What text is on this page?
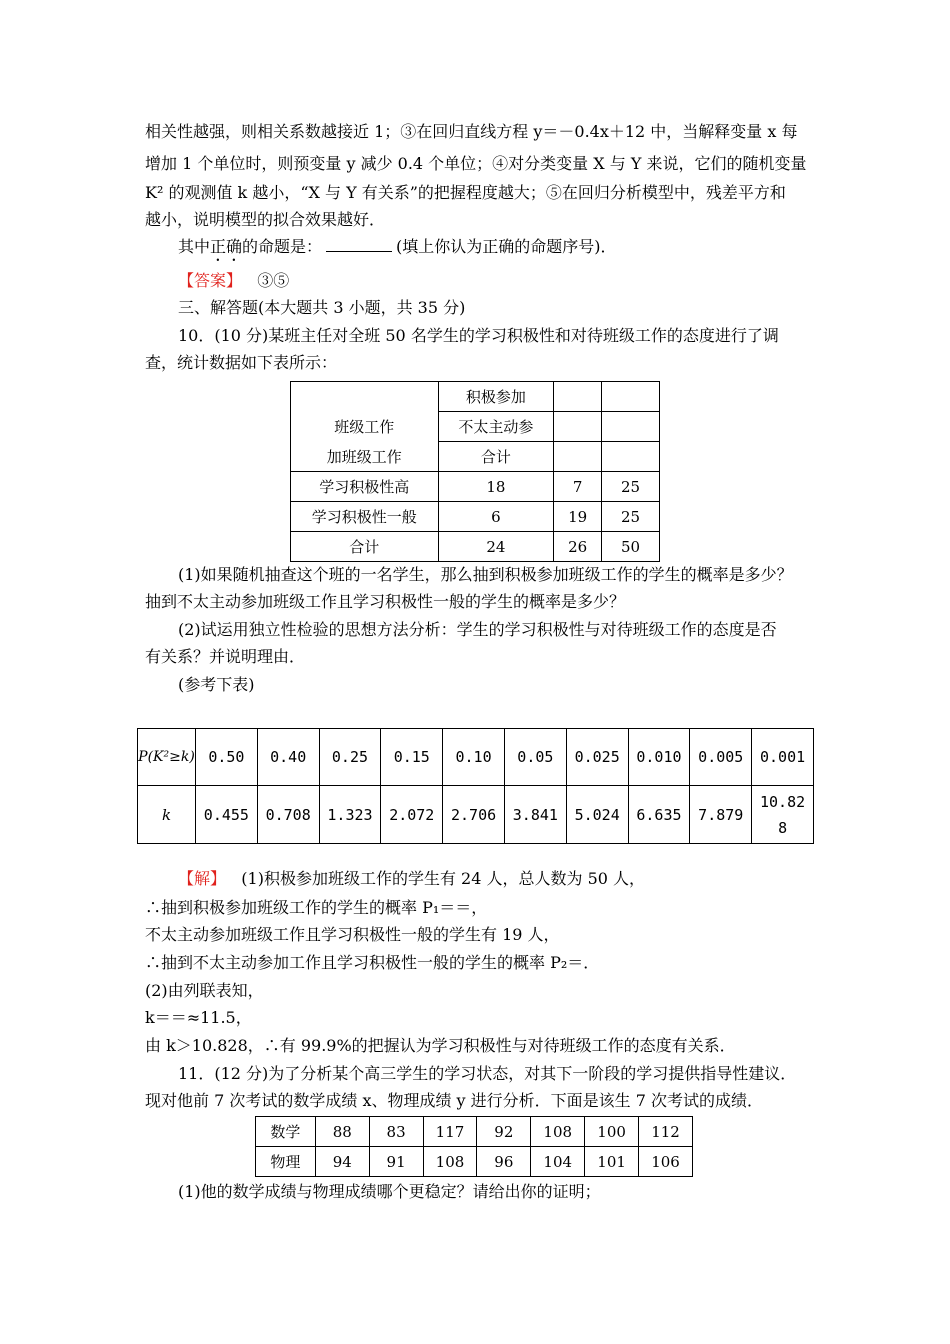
相关性越强，则相关系数越接近 1；③在回归直线方程 y＝－0.4x＋12 中，当解释变量 x 每
增加 1 个单位时，则预变量 y 减少 0.4 个单位；④对分类变量 X 与 Y 来说，它们的随机变量
K² 的观测值 k 越小，“X 与 Y 有关系”的把握程度越大；⑤在回归分析模型中，残差平方和
越小，说明模型的拟合效果越好．
其中正确的命题是：	(填上你认为正确的命题序号)．
【答案】 ③⑤
三、解答题(本大题共 3 小题，共 35 分)
10．(10 分)某班主任对全班 50 名学生的学习积极性和对待班级工作的态度进行了调
查，统计数据如下表所示：
	积极参加		
班级工作	不太主动参		
加班级工作	合计		
学习积极性高	18	7	25
学习积极性一般	6	19	25
合计	24	26	50
(1)如果随机抽查这个班的一名学生，那么抽到积极参加班级工作的学生的概率是多少？
抽到不太主动参加班级工作且学习积极性一般的学生的概率是多少？
(2)试运用独立性检验的思想方法分析：学生的学习积极性与对待班级工作的态度是否
有关系？并说明理由．
(参考下表)
P(K²≥k)	0.50	0.40	0.25	0.15	0.10	0.05	0.025	0.010	0.005	0.001
k	0.455	0.708	1.323	2.072	2.706	3.841	5.024	6.635	7.879	10.828
【解】 (1)积极参加班级工作的学生有 24 人，总人数为 50 人，
∴抽到积极参加班级工作的学生的概率 P₁＝＝，
不太主动参加班级工作且学习积极性一般的学生有 19 人，
∴抽到不太主动参加工作且学习积极性一般的学生的概率 P₂＝．
(2)由列联表知，
k＝＝≈11.5，
由 k＞10.828，∴有 99.9%的把握认为学习积极性与对待班级工作的态度有关系．
11．(12 分)为了分析某个高三学生的学习状态，对其下一阶段的学习提供指导性建议．
现对他前 7 次考试的数学成绩 x、物理成绩 y 进行分析．下面是该生 7 次考试的成绩．
数学	88	83	117	92	108	100	112
物理	94	91	108	96	104	101	106
(1)他的数学成绩与物理成绩哪个更稳定？请给出你的证明；
